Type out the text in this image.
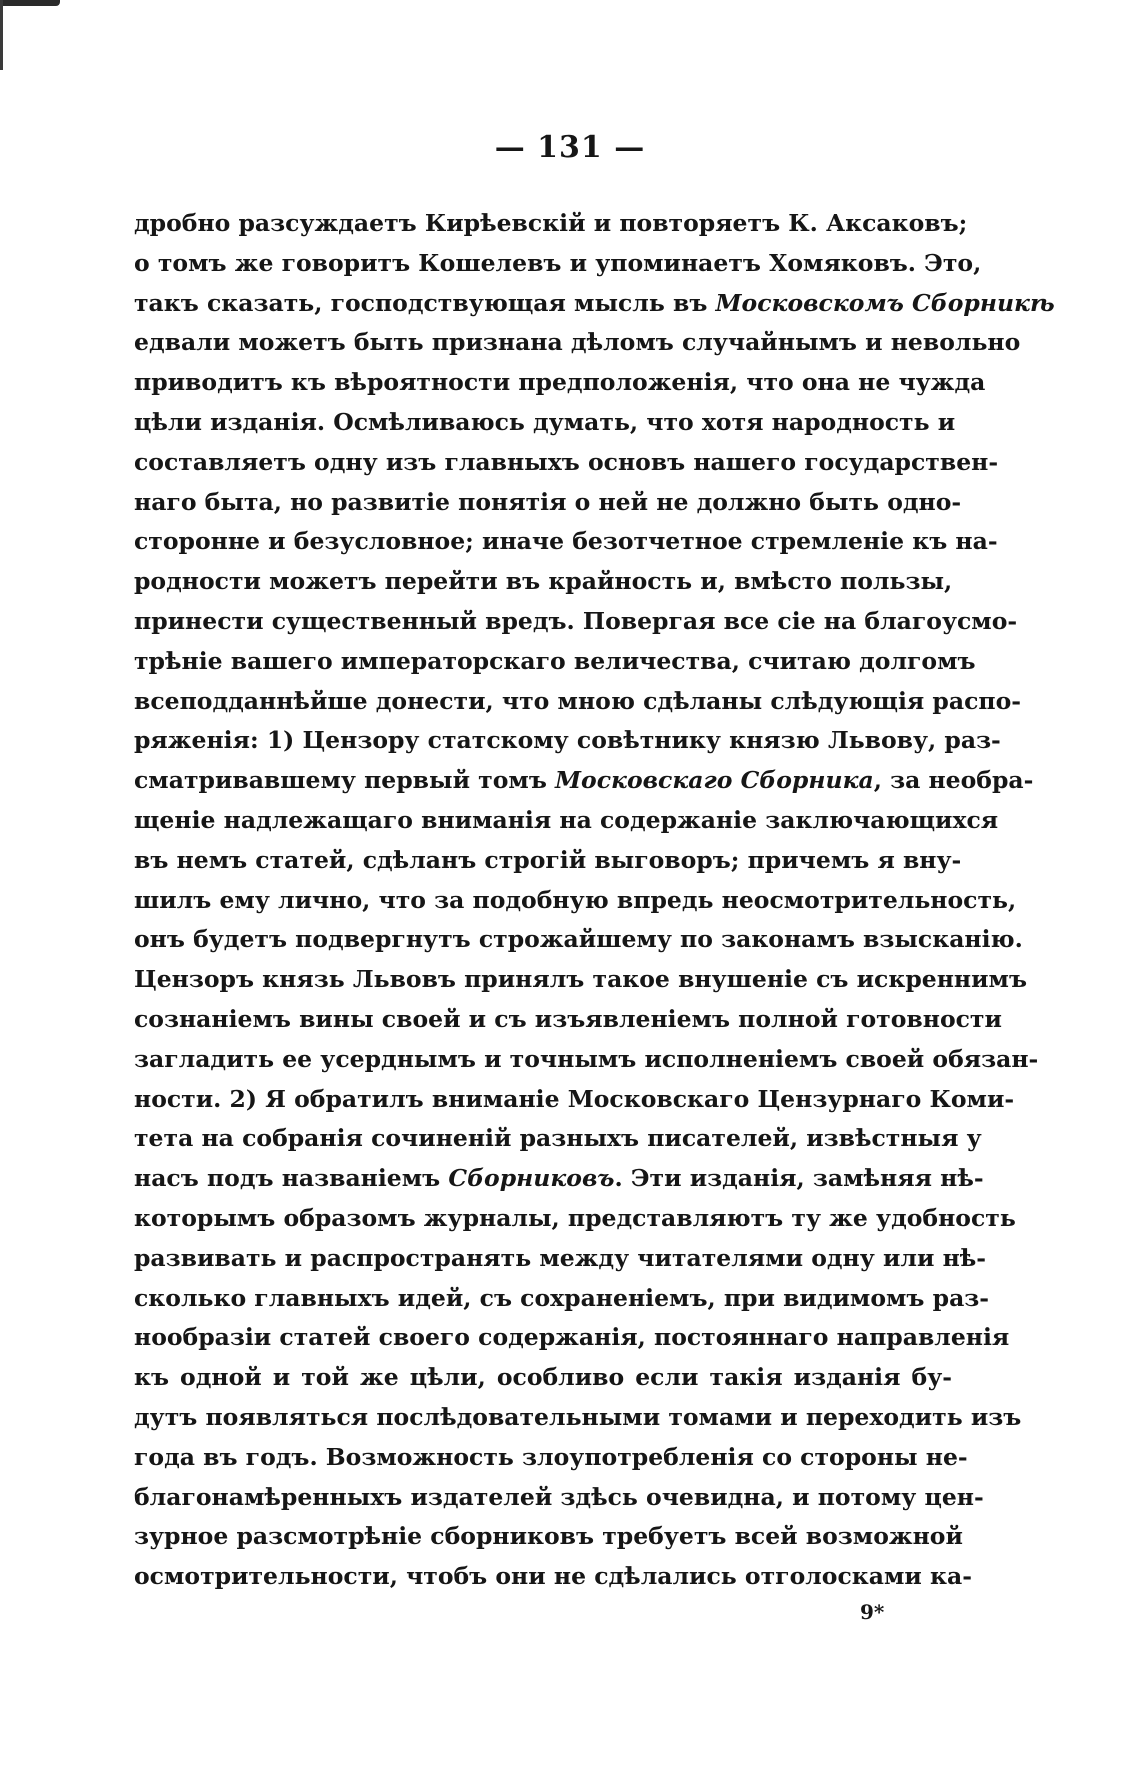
— 131 —
дробно разсуждаетъ Кирѣевскій и повторяетъ К. Аксаковъ;
о томъ же говоритъ Кошелевъ и упоминаетъ Хомяковъ. Это,
такъ сказать, господствующая мысль въ Московскомъ Сборникѣ
едвали можетъ быть признана дѣломъ случайнымъ и невольно
приводитъ къ вѣроятности предположенія, что она не чужда
цѣли изданія. Осмѣливаюсь думать, что хотя народность и
составляетъ одну изъ главныхъ основъ нашего государствен-
наго быта, но развитіе понятія о ней не должно быть одно-
сторонне и безусловное; иначе безотчетное стремленіе къ на-
родности можетъ перейти въ крайность и, вмѣсто пользы,
принести существенный вредъ. Повергая все сіе на благоусмо-
трѣніе вашего императорскаго величества, считаю долгомъ
всеподданнѣйше донести, что мною сдѣланы слѣдующія распо-
ряженія: 1) Цензору статскому совѣтнику князю Львову, раз-
сматривавшему первый томъ Московскаго Сборника, за необра-
щеніе надлежащаго вниманія на содержаніе заключающихся
въ немъ статей, сдѣланъ строгій выговоръ; причемъ я вну-
шилъ ему лично, что за подобную впредь неосмотрительность,
онъ будетъ подвергнутъ строжайшему по законамъ взысканію.
Цензоръ князь Львовъ принялъ такое внушеніе съ искреннимъ
сознаніемъ вины своей и съ изъявленіемъ полной готовности
загладить ее усерднымъ и точнымъ исполненіемъ своей обязан-
ности. 2) Я обратилъ вниманіе Московскаго Цензурнаго Коми-
тета на собранія сочиненій разныхъ писателей, извѣстныя у
насъ подъ названіемъ Сборниковъ. Эти изданія, замѣняя нѣ-
которымъ образомъ журналы, представляютъ ту же удобность
развивать и распространять между читателями одну или нѣ-
сколько главныхъ идей, съ сохраненіемъ, при видимомъ раз-
нообразіи статей своего содержанія, постояннаго направленія
къ одной и той же цѣли, особливо если такія изданія бу-
дутъ появляться послѣдовательными томами и переходить изъ
года въ годъ. Возможность злоупотребленія со стороны не-
благонамѣренныхъ издателей здѣсь очевидна, и потому цен-
зурное разсмотрѣніе сборниковъ требуетъ всей возможной
осмотрительности, чтобъ они не сдѣлались отголосками ка-
9*
